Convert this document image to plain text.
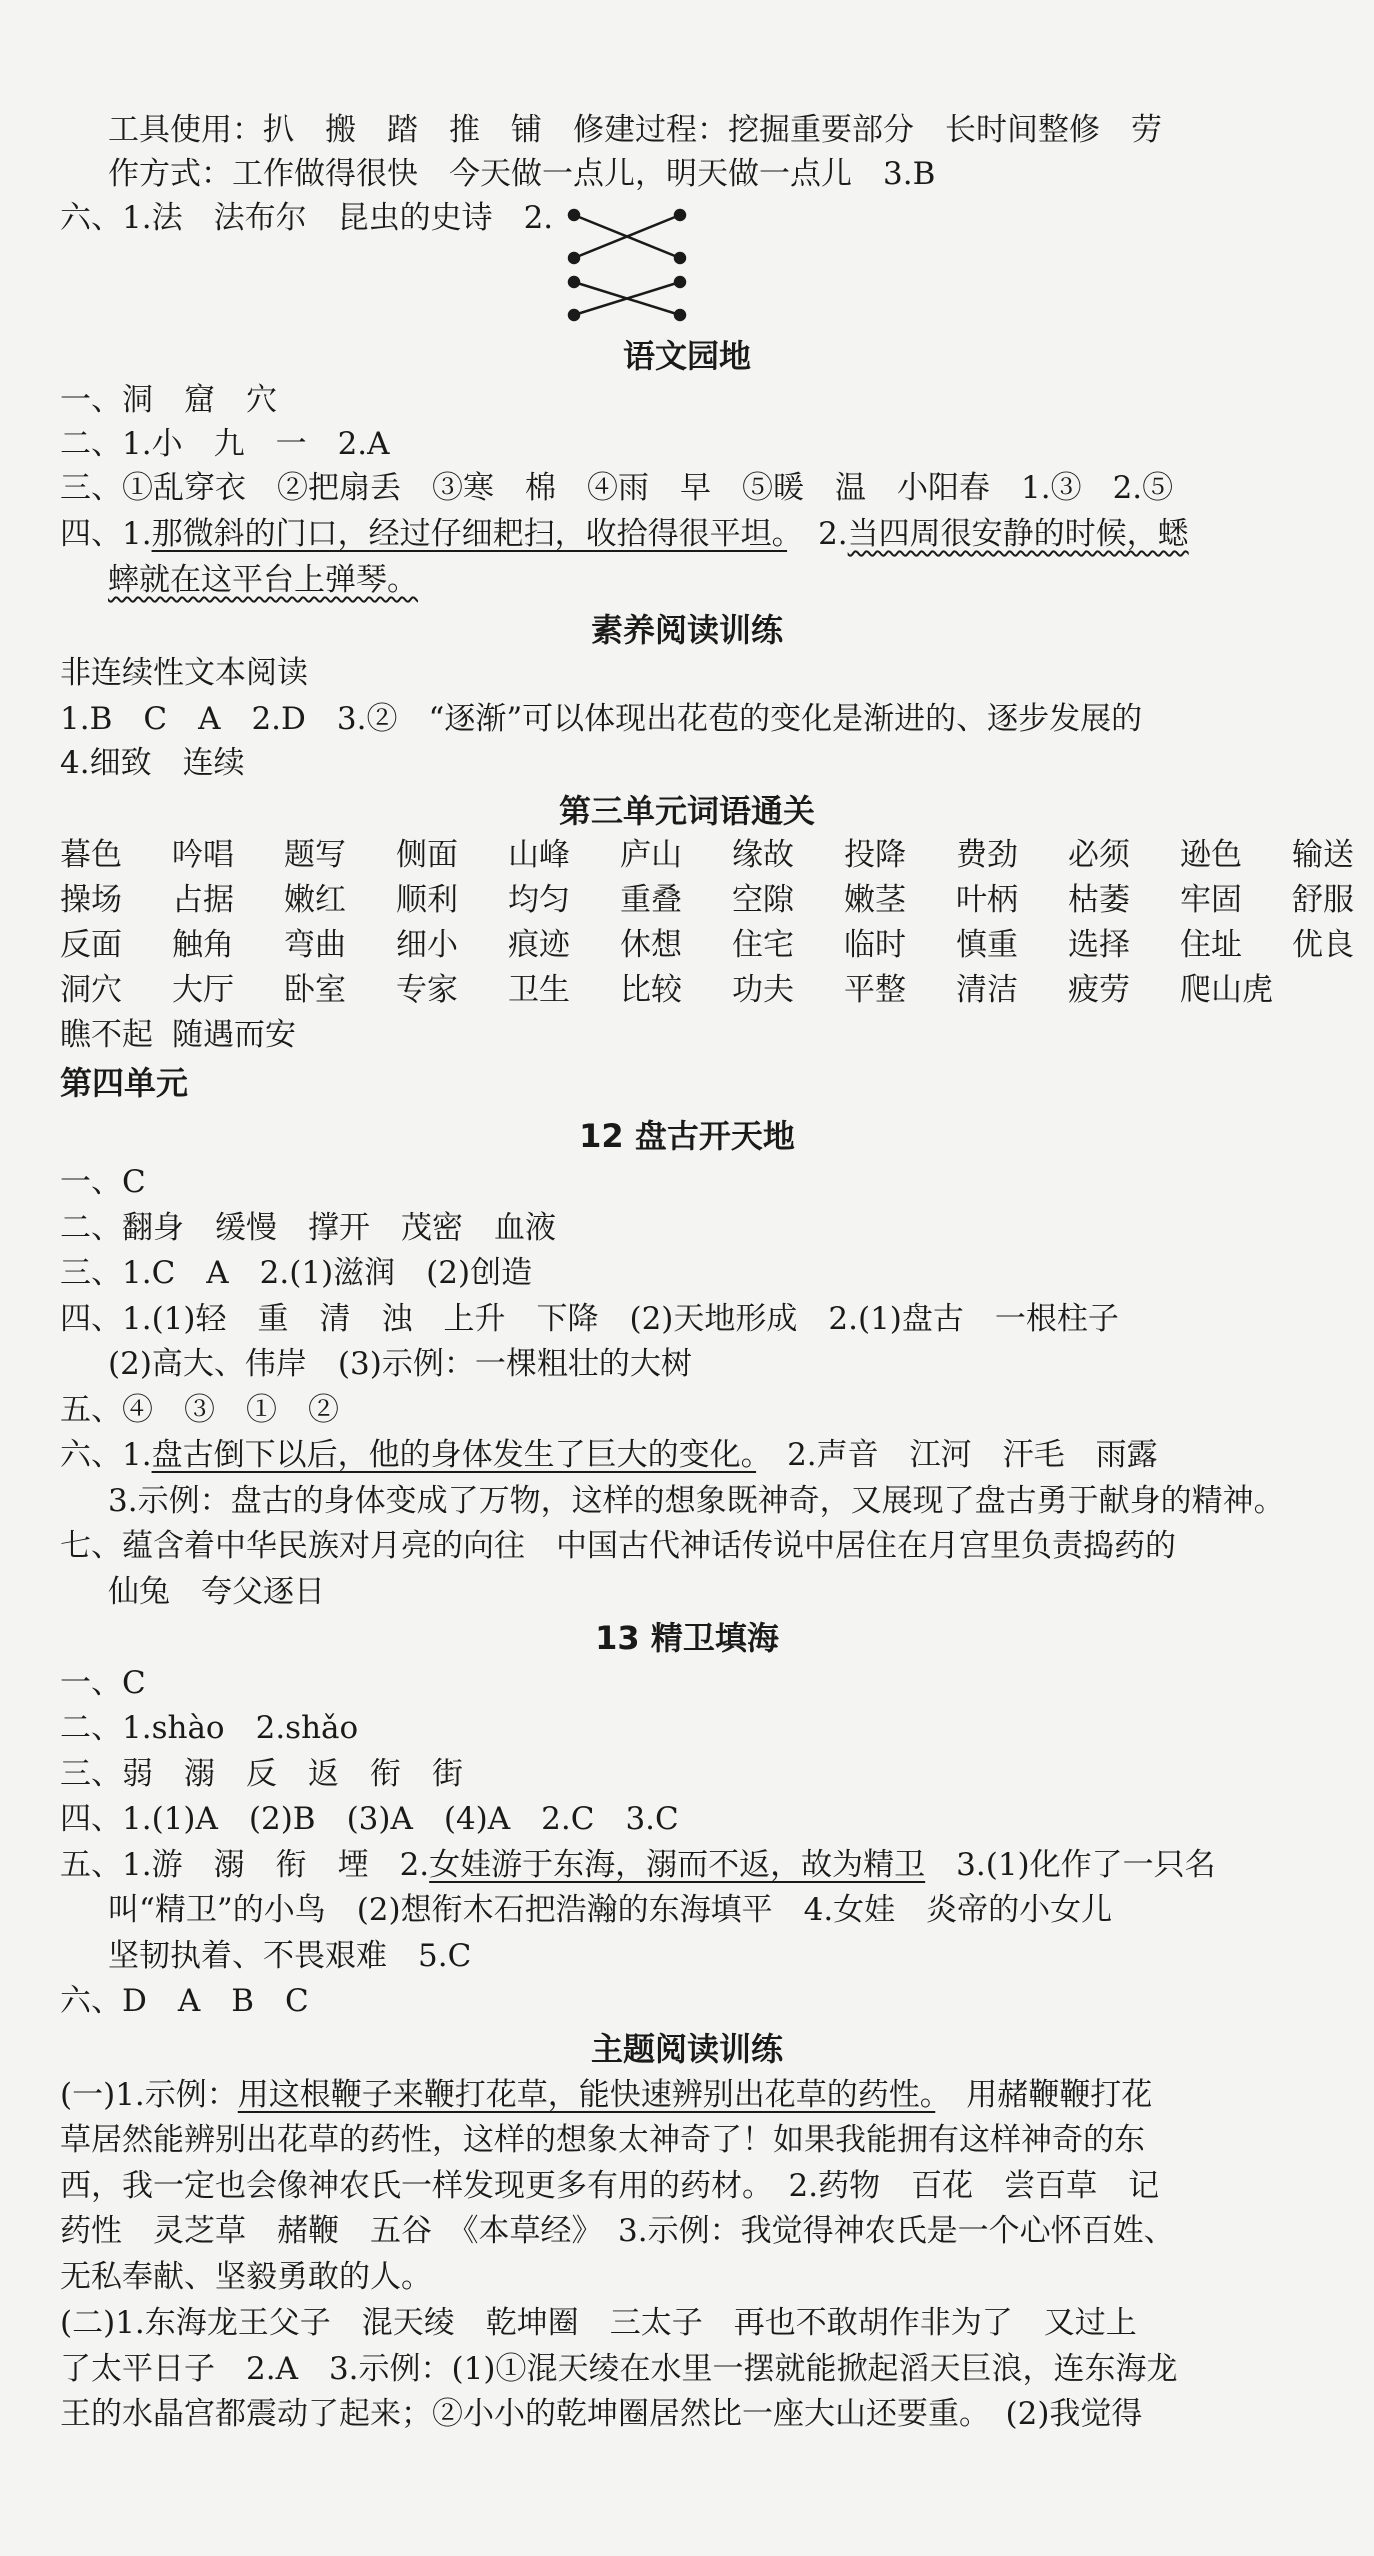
工具使用：扒　搬　踏　推　铺　修建过程：挖掘重要部分　长时间整修　劳
作方式：工作做得很快　今天做一点儿，明天做一点儿　3.B
六、1.法　法布尔　昆虫的史诗　2.
语文园地
一、洞　窟　穴
二、1.小　九　一　2.A
三、①乱穿衣　②把扇丢　③寒　棉　④雨　早　⑤暖　温　小阳春　1.③　2.⑤
四、1.那微斜的门口，经过仔细耙扫，收拾得很平坦。　2.当四周很安静的时候，蟋
蟀就在这平台上弹琴。
素养阅读训练
非连续性文本阅读
1.B　C　A　2.D　3.②　“逐渐”可以体现出花苞的变化是渐进的、逐步发展的
4.细致　连续
第三单元词语通关
暮色	吟唱	题写	侧面	山峰	庐山	缘故	投降	费劲	必须	逊色	输送
操场	占据	嫩红	顺利	均匀	重叠	空隙	嫩茎	叶柄	枯萎	牢固	舒服
反面	触角	弯曲	细小	痕迹	休想	住宅	临时	慎重	选择	住址	优良
洞穴	大厅	卧室	专家	卫生	比较	功夫	平整	清洁	疲劳	爬山虎
瞧不起 随遇而安
第四单元
12 盘古开天地
一、C
二、翻身　缓慢　撑开　茂密　血液
三、1.C　A　2.(1)滋润　(2)创造
四、1.(1)轻　重　清　浊　上升　下降　(2)天地形成　2.(1)盘古　一根柱子
(2)高大、伟岸　(3)示例：一棵粗壮的大树
五、④　③　①　②
六、1.盘古倒下以后，他的身体发生了巨大的变化。　2.声音　江河　汗毛　雨露
3.示例：盘古的身体变成了万物，这样的想象既神奇，又展现了盘古勇于献身的精神。
七、蕴含着中华民族对月亮的向往　中国古代神话传说中居住在月宫里负责捣药的
仙兔　夸父逐日
13 精卫填海
一、C
二、1.shào　2.shǎo
三、弱　溺　反　返　衔　街
四、1.(1)A　(2)B　(3)A　(4)A　2.C　3.C
五、1.游　溺　衔　堙　2.女娃游于东海，溺而不返，故为精卫　3.(1)化作了一只名
叫“精卫”的小鸟　(2)想衔木石把浩瀚的东海填平　4.女娃　炎帝的小女儿
坚韧执着、不畏艰难　5.C
六、D　A　B　C
主题阅读训练
(一)1.示例：用这根鞭子来鞭打花草，能快速辨别出花草的药性。　用赭鞭鞭打花
草居然能辨别出花草的药性，这样的想象太神奇了！如果我能拥有这样神奇的东
西，我一定也会像神农氏一样发现更多有用的药材。　2.药物　百花　尝百草　记
药性　灵芝草　赭鞭　五谷　《本草经》　3.示例：我觉得神农氏是一个心怀百姓、
无私奉献、坚毅勇敢的人。
(二)1.东海龙王父子　混天绫　乾坤圈　三太子　再也不敢胡作非为了　又过上
了太平日子　2.A　3.示例：(1)①混天绫在水里一摆就能掀起滔天巨浪，连东海龙
王的水晶宫都震动了起来；②小小的乾坤圈居然比一座大山还要重。　(2)我觉得
